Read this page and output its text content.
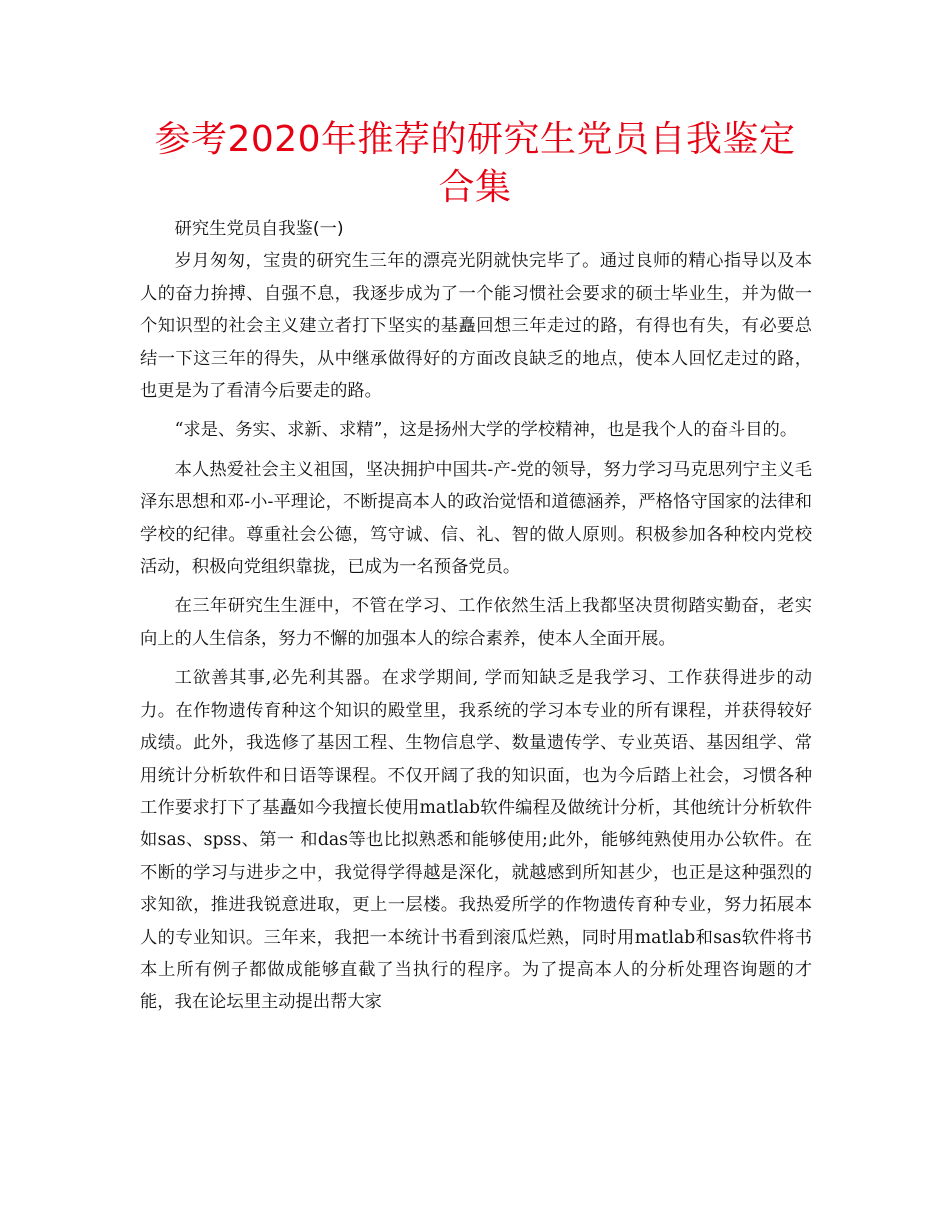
参考2020年推荐的研究生党员自我鉴定合集

研究生党员自我鉴(一)

岁月匆匆，宝贵的研究生三年的漂亮光阴就快完毕了。通过良师的精心指导以及本人的奋力拚搏、自强不息，我逐步成为了一个能习惯社会要求的硕士毕业生，并为做一个知识型的社会主义建立者打下坚实的基矗回想三年走过的路，有得也有失，有必要总结一下这三年的得失，从中继承做得好的方面改良缺乏的地点，使本人回忆走过的路，也更是为了看清今后要走的路。

“求是、务实、求新、求精”，这是扬州大学的学校精神，也是我个人的奋斗目的。

本人热爱社会主义祖国，坚决拥护中国共-产-党的领导，努力学习马克思列宁主义毛泽东思想和邓-小-平理论，不断提高本人的政治觉悟和道德涵养，严格恪守国家的法律和学校的纪律。尊重社会公德，笃守诚、信、礼、智的做人原则。积极参加各种校内党校活动，积极向党组织靠拢，已成为一名预备党员。

在三年研究生生涯中，不管在学习、工作依然生活上我都坚决贯彻踏实勤奋，老实向上的人生信条，努力不懈的加强本人的综合素养，使本人全面开展。

工欲善其事,必先利其器。在求学期间, 学而知缺乏是我学习、工作获得进步的动力。在作物遗传育种这个知识的殿堂里，我系统的学习本专业的所有课程，并获得较好成绩。此外，我选修了基因工程、生物信息学、数量遗传学、专业英语、基因组学、常用统计分析软件和日语等课程。不仅开阔了我的知识面，也为今后踏上社会，习惯各种工作要求打下了基矗如今我擅长使用matlab软件编程及做统计分析，其他统计分析软件如sas、spss、第一 和das等也比拟熟悉和能够使用;此外，能够纯熟使用办公软件。在不断的学习与进步之中，我觉得学得越是深化，就越感到所知甚少，也正是这种强烈的求知欲，推进我锐意进取，更上一层楼。我热爱所学的作物遗传育种专业，努力拓展本人的专业知识。三年来，我把一本统计书看到滚瓜烂熟，同时用matlab和sas软件将书本上所有例子都做成能够直截了当执行的程序。为了提高本人的分析处理咨询题的才能，我在论坛里主动提出帮大家
